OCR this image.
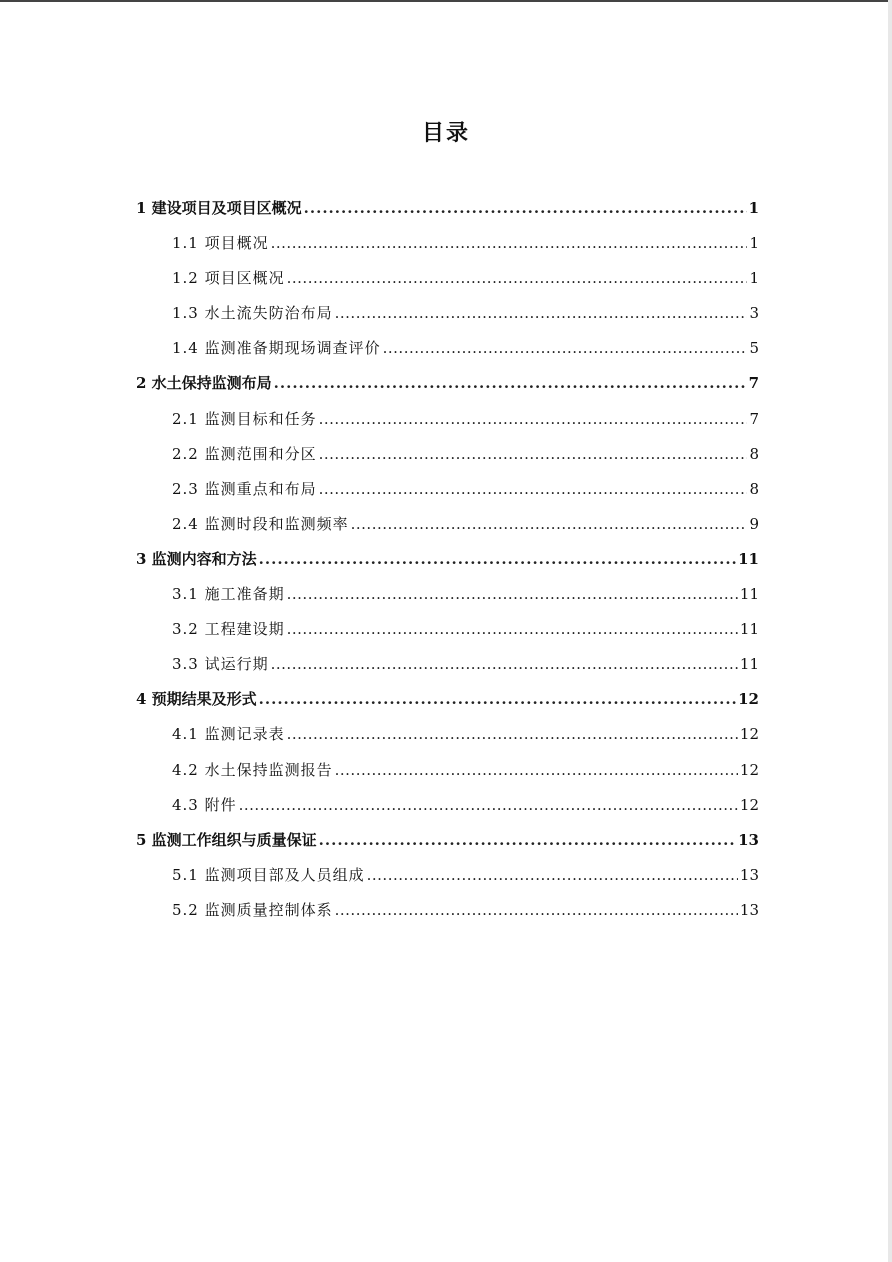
目录
1 建设项目及项目区概况 .....	1
1.1 项目概况 .....	1
1.2 项目区概况 .....	1
1.3 水土流失防治布局 .....	3
1.4 监测准备期现场调查评价 .....	5
2 水土保持监测布局 .....	7
2.1 监测目标和任务 .....	7
2.2 监测范围和分区 .....	8
2.3 监测重点和布局 .....	8
2.4 监测时段和监测频率 .....	9
3 监测内容和方法 .....	11
3.1 施工准备期 .....	11
3.2 工程建设期 .....	11
3.3 试运行期 .....	11
4 预期结果及形式 .....	12
4.1 监测记录表 .....	12
4.2 水土保持监测报告 .....	12
4.3 附件 .....	12
5 监测工作组织与质量保证 .....	13
5.1 监测项目部及人员组成 .....	13
5.2 监测质量控制体系 .....	13
